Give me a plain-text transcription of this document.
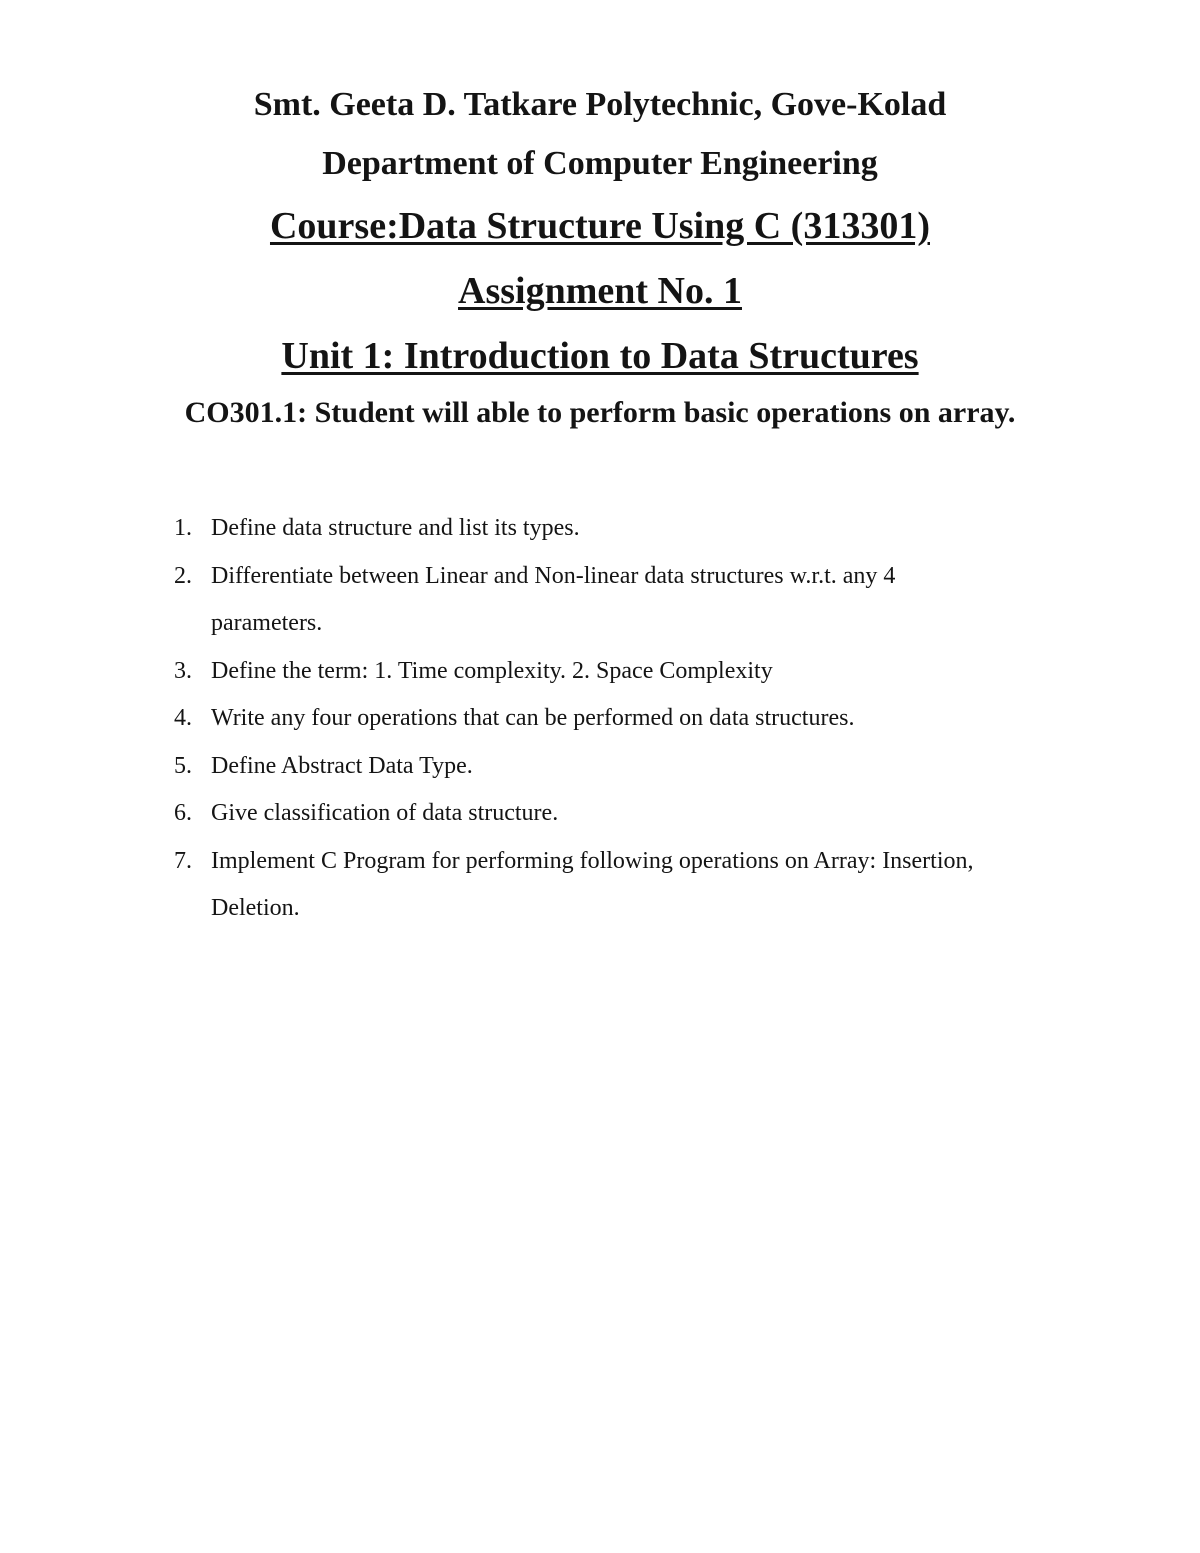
Smt. Geeta D. Tatkare Polytechnic, Gove-Kolad

Department of Computer Engineering

Course:Data Structure Using C (313301)

Assignment No. 1

Unit 1: Introduction to Data Structures

CO301.1: Student will able to perform basic operations on array.

1. Define data structure and list its types.
2. Differentiate between Linear and Non-linear data structures w.r.t. any 4 parameters.
3. Define the term: 1. Time complexity. 2. Space Complexity
4. Write any four operations that can be performed on data structures.
5. Define Abstract Data Type.
6. Give classification of data structure.
7. Implement C Program for performing following operations on Array: Insertion, Deletion.
